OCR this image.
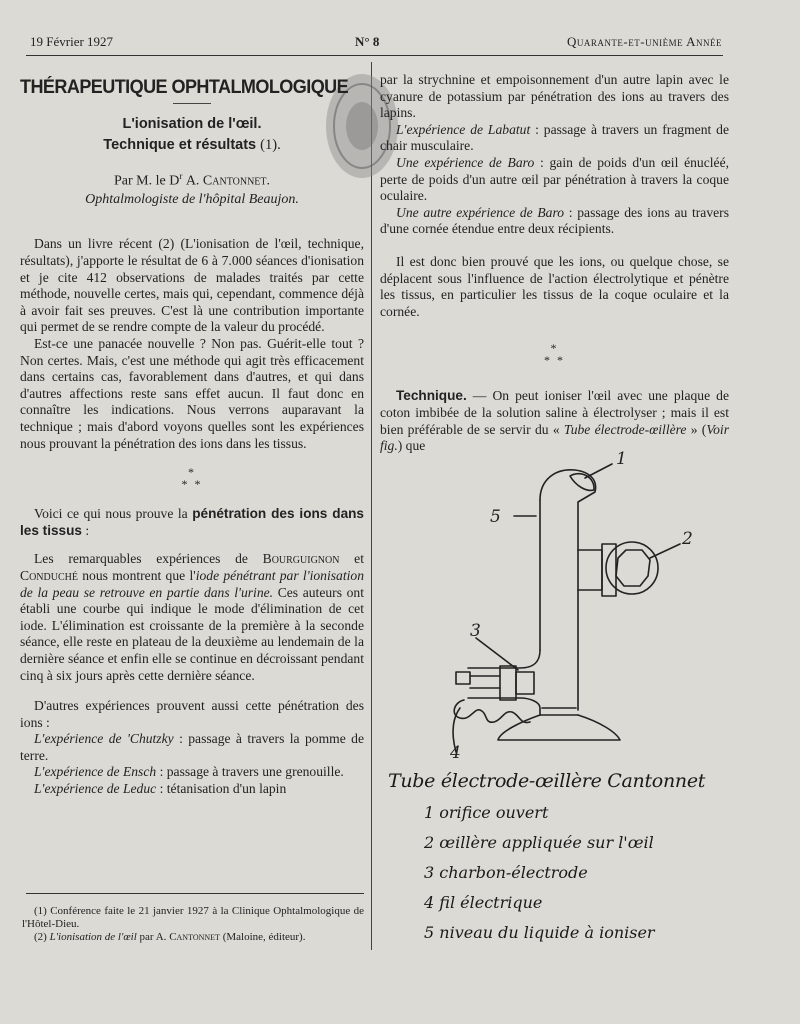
19 Février 1927	N° 8	Quarante-et-unième Année
THÉRAPEUTIQUE OPHTALMOLOGIQUE
L'ionisation de l'œil.
Technique et résultats (1).
Par M. le $D^r$ A. Cantonnet.
Ophtalmologiste de l'hôpital Beaujon.

Dans un livre récent (2) (L'ionisation de l'œil, technique, résultats), j'apporte le résultat de 6 à 7.000 séances d'ionisation et je cite 412 observations de malades traités par cette méthode, nouvelle certes, mais qui, cependant, commence déjà à avoir fait ses preuves. C'est là une contribution importante qui permet de se rendre compte de la valeur du procédé.

Est-ce une panacée nouvelle ? Non pas. Guérit-elle tout ? Non certes. Mais, c'est une méthode qui agit très efficacement dans certains cas, favorablement dans d'autres, et qui dans d'autres affections reste sans effet aucun. Il faut donc en connaître les indications. Nous verrons auparavant la technique ; mais d'abord voyons quelles sont les expériences nous prouvant la pénétration des ions dans les tissus.

*
* *

Voici ce qui nous prouve la pénétration des ions dans les tissus :

Les remarquables expériences de Bourguignon et Conduché nous montrent que l'iode pénétrant par l'ionisation de la peau se retrouve en partie dans l'urine. Ces auteurs ont établi une courbe qui indique le mode d'élimination de cet iode. L'élimination est croissante de la première à la seconde séance, elle reste en plateau de la deuxième au lendemain de la dernière séance et enfin elle se continue en décroissant pendant cinq à six jours après cette dernière séance.

D'autres expériences prouvent aussi cette pénétration des ions :

L'expérience de 'Chutzky : passage à travers la pomme de terre.

L'expérience de Ensch : passage à travers une grenouille.

L'expérience de Leduc : tétanisation d'un lapin

(1) Conférence faite le 21 janvier 1927 à la Clinique Ophtalmologique de l'Hôtel-Dieu.

(2) L'ionisation de l'œil par A. Cantonnet (Maloine, éditeur).

par la strychnine et empoisonnement d'un autre lapin avec le cyanure de potassium par pénétration des ions au travers des lapins.

L'expérience de Labatut : passage à travers un fragment de chair musculaire.

Une expérience de Baro : gain de poids d'un œil énucléé, perte de poids d'un autre œil par pénétration à travers la coque oculaire.

Une autre expérience de Baro : passage des ions au travers d'une cornée étendue entre deux récipients.

Il est donc bien prouvé que les ions, ou quelque chose, se déplacent sous l'influence de l'action électrolytique et pénètre les tissus, en particulier les tissus de la coque oculaire et la cornée.

*
* *

Technique. — On peut ioniser l'œil avec une plaque de coton imbibée de la solution saline à électrolyser ; mais il est bien préférable de se servir du « Tube électrode-œillère » (Voir fig.) que

1
2
3
4
5
Tube électrode-œillère Cantonnet
1 orifice ouvert
2 œillère appliquée sur l'œil
3 charbon-électrode
4 fil électrique
5 niveau du liquide à ioniser
